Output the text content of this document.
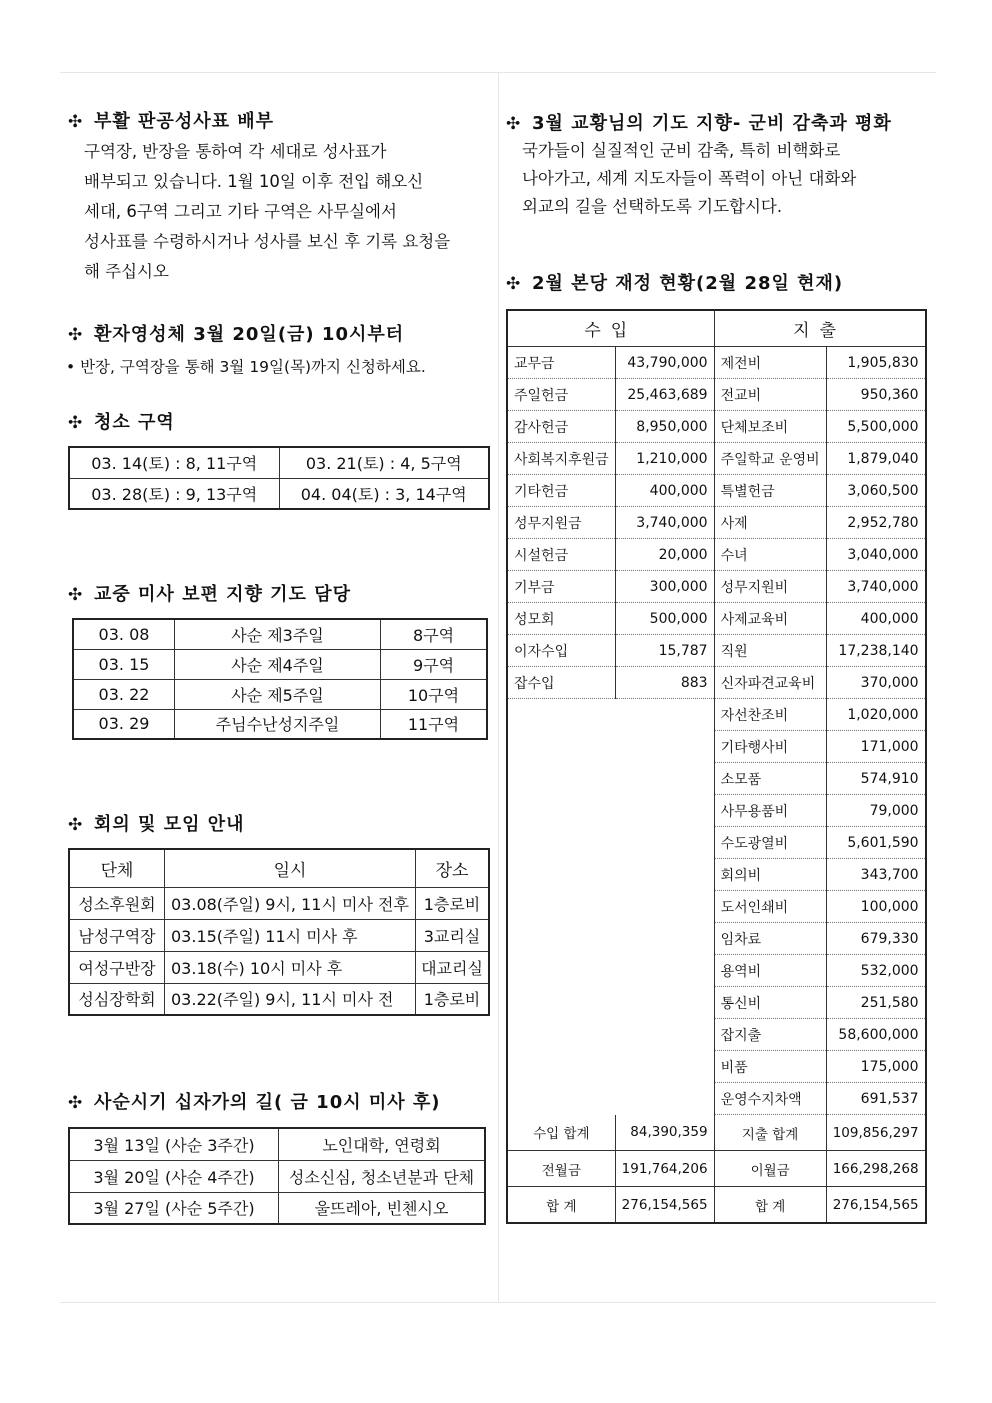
✣ 부활 판공성사표 배부
구역장, 반장을 통하여 각 세대로 성사표가
배부되고 있습니다. 1월 10일 이후 전입 해오신
세대, 6구역 그리고 기타 구역은 사무실에서
성사표를 수령하시거나 성사를 보신 후 기록 요청을
해 주십시오
✣ 환자영성체 3월 20일(금) 10시부터
• 반장, 구역장을 통해 3월 19일(목)까지 신청하세요.
✣ 청소 구역
03. 14(토) : 8, 11구역	03. 21(토) : 4, 5구역
03. 28(토) : 9, 13구역	04. 04(토) : 3, 14구역
✣ 교중 미사 보편 지향 기도 담당
03. 08	사순 제3주일	8구역
03. 15	사순 제4주일	9구역
03. 22	사순 제5주일	10구역
03. 29	주님수난성지주일	11구역
✣ 회의 및 모임 안내
단체	일시	장소
성소후원회	03.08(주일) 9시, 11시 미사 전후	1층로비
남성구역장	03.15(주일) 11시 미사 후	3교리실
여성구반장	03.18(수) 10시 미사 후	대교리실
성심장학회	03.22(주일) 9시, 11시 미사 전	1층로비
✣ 사순시기 십자가의 길( 금 10시 미사 후)
3월 13일 (사순 3주간)	노인대학, 연령회
3월 20일 (사순 4주간)	성소신심, 청소년분과 단체
3월 27일 (사순 5주간)	울뜨레아, 빈첸시오
✣ 3월 교황님의 기도 지향- 군비 감축과 평화
국가들이 실질적인 군비 감축, 특히 비핵화로
나아가고, 세계 지도자들이 폭력이 아닌 대화와
외교의 길을 선택하도록 기도합시다.
✣ 2월 본당 재정 현황(2월 28일 현재)
수입		지출	
교무금	43,790,000	제전비	1,905,830
주일헌금	25,463,689	전교비	950,360
감사헌금	8,950,000	단체보조비	5,500,000
사회복지후원금	1,210,000	주일학교 운영비	1,879,040
기타헌금	400,000	특별헌금	3,060,500
성무지원금	3,740,000	사제	2,952,780
시설헌금	20,000	수녀	3,040,000
기부금	300,000	성무지원비	3,740,000
성모회	500,000	사제교육비	400,000
이자수입	15,787	직원	17,238,140
잡수입	883	신자파견교육비	370,000
		자선찬조비	1,020,000
		기타행사비	171,000
		소모품	574,910
		사무용품비	79,000
		수도광열비	5,601,590
		회의비	343,700
		도서인쇄비	100,000
		임차료	679,330
		용역비	532,000
		통신비	251,580
		잡지출	58,600,000
		비품	175,000
		운영수지차액	691,537
수입 합계	84,390,359	지출 합계	109,856,297
전월금	191,764,206	이월금	166,298,268
합 계	276,154,565	합 계	276,154,565
